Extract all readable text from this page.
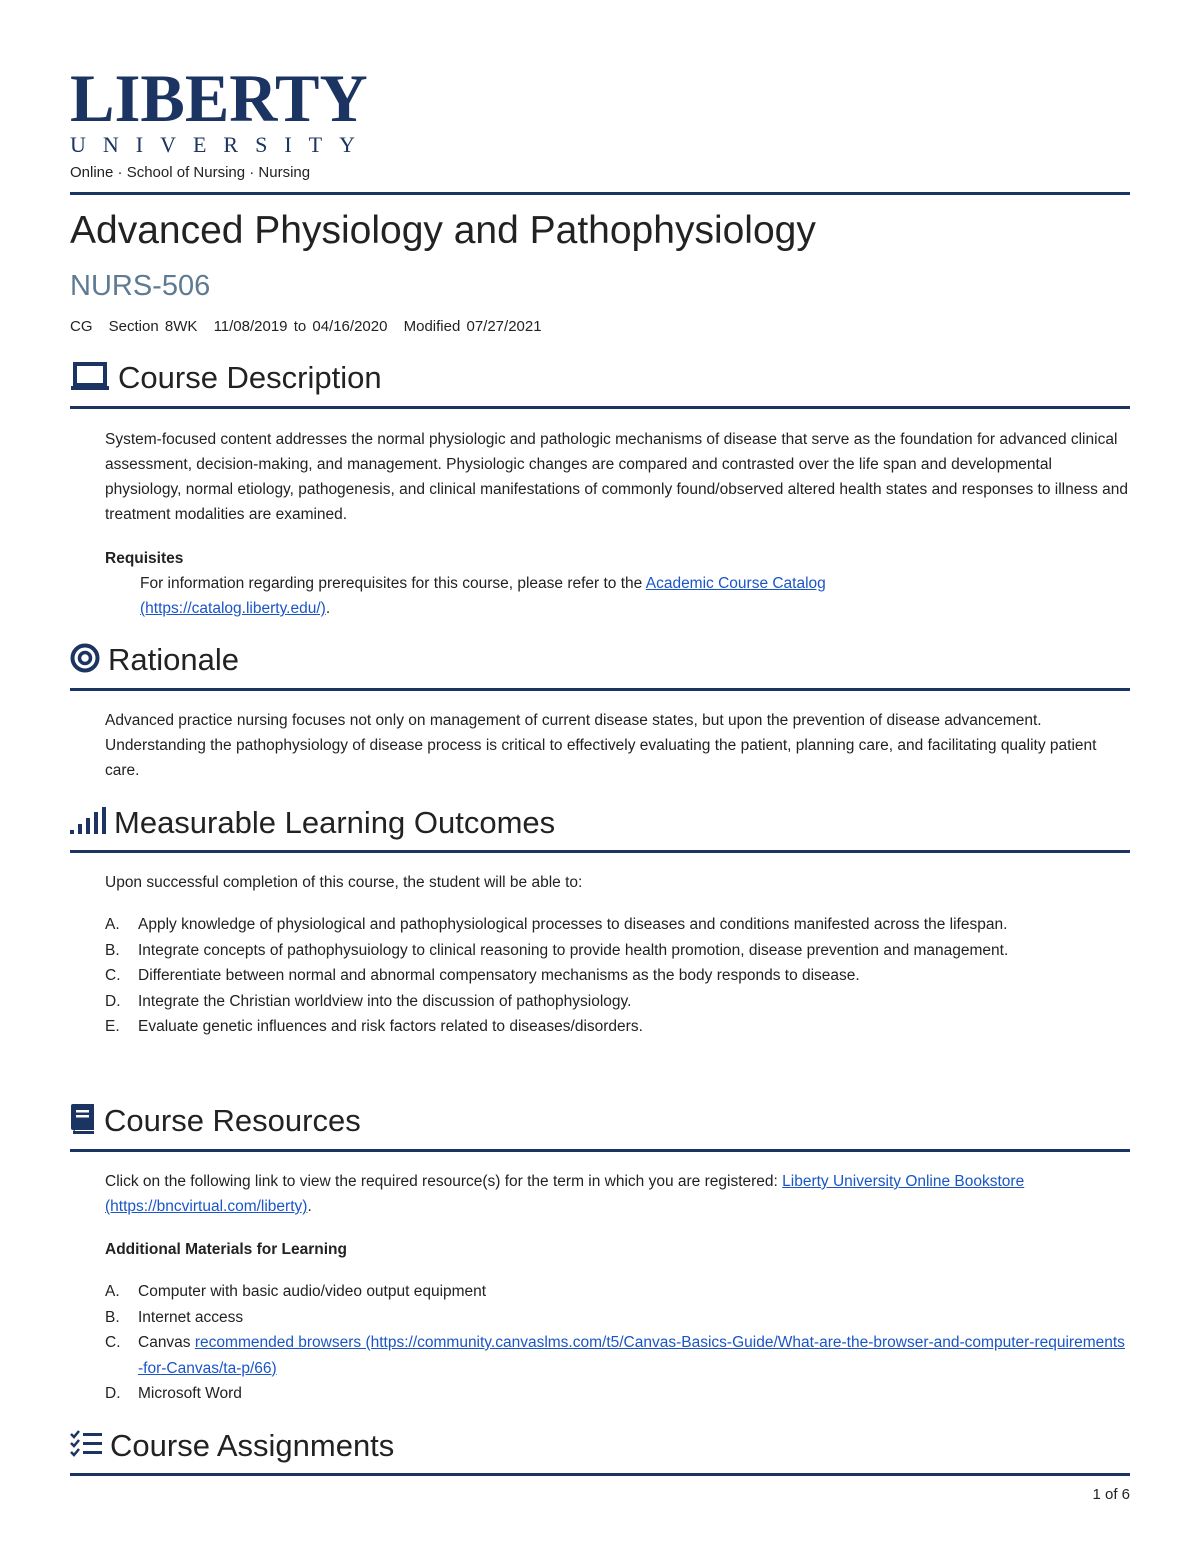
LIBERTY
UNIVERSITY
Online · School of Nursing · Nursing
Advanced Physiology and Pathophysiology
NURS-506
CG Section 8WK 11/08/2019 to 04/16/2020 Modified 07/27/2021
Course Description
System-focused content addresses the normal physiologic and pathologic mechanisms of disease that serve as the foundation for advanced clinical assessment, decision-making, and management. Physiologic changes are compared and contrasted over the life span and developmental physiology, normal etiology, pathogenesis, and clinical manifestations of commonly found/observed altered health states and responses to illness and treatment modalities are examined.
Requisites
For information regarding prerequisites for this course, please refer to the Academic Course Catalog (https://catalog.liberty.edu/).
Rationale
Advanced practice nursing focuses not only on management of current disease states, but upon the prevention of disease advancement. Understanding the pathophysiology of disease process is critical to effectively evaluating the patient, planning care, and facilitating quality patient care.
Measurable Learning Outcomes
Upon successful completion of this course, the student will be able to:
A.	Apply knowledge of physiological and pathophysiological processes to diseases and conditions manifested across the lifespan.
B.	Integrate concepts of pathophysuiology to clinical reasoning to provide health promotion, disease prevention and management.
C.	Differentiate between normal and abnormal compensatory mechanisms as the body responds to disease.
D.	Integrate the Christian worldview into the discussion of pathophysiology.
E.	Evaluate genetic influences and risk factors related to diseases/disorders.
Course Resources
Click on the following link to view the required resource(s) for the term in which you are registered: Liberty University Online Bookstore (https://bncvirtual.com/liberty).
Additional Materials for Learning
A.	Computer with basic audio/video output equipment
B.	Internet access
C.	Canvas recommended browsers (https://community.canvaslms.com/t5/Canvas-Basics-Guide/What-are-the-browser-and-computer-requirements-for-Canvas/ta-p/66)
D.	Microsoft Word
Course Assignments
1 of 6
